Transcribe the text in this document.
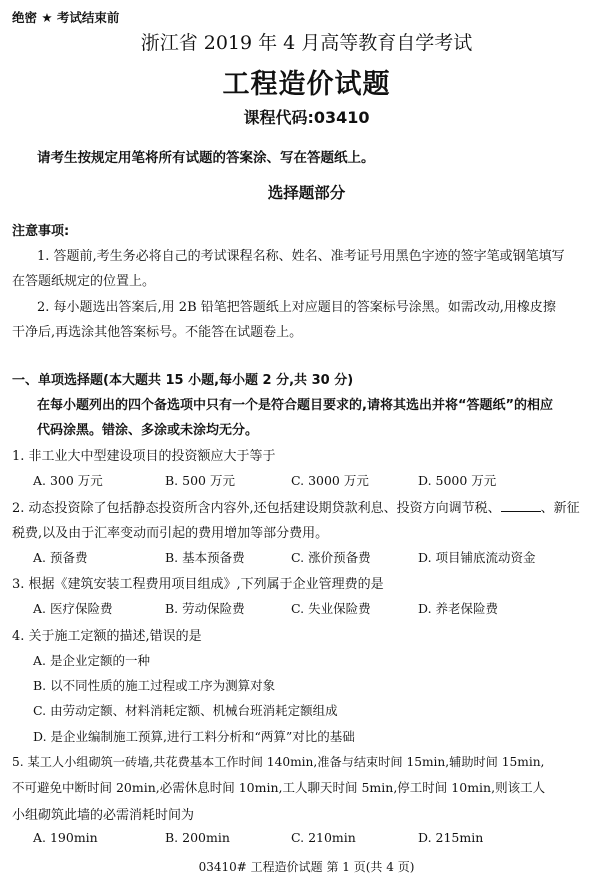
绝密 ★ 考试结束前
浙江省 2019 年 4 月高等教育自学考试
工程造价试题
课程代码:03410
请考生按规定用笔将所有试题的答案涂、写在答题纸上。
选择题部分
注意事项:
1. 答题前,考生务必将自己的考试课程名称、姓名、准考证号用黑色字迹的签字笔或钢笔填写
在答题纸规定的位置上。
2. 每小题选出答案后,用 2B 铅笔把答题纸上对应题目的答案标号涂黑。如需改动,用橡皮擦
干净后,再选涂其他答案标号。不能答在试题卷上。
一、单项选择题(本大题共 15 小题,每小题 2 分,共 30 分)
在每小题列出的四个备选项中只有一个是符合题目要求的,请将其选出并将“答题纸”的相应
代码涂黑。错涂、多涂或未涂均无分。
1. 非工业大中型建设项目的投资额应大于等于
A. 300 万元	B. 500 万元	C. 3000 万元	D. 5000 万元
2. 动态投资除了包括静态投资所含内容外,还包括建设期贷款利息、投资方向调节税、	、新征
税费,以及由于汇率变动而引起的费用增加等部分费用。
A. 预备费	B. 基本预备费	C. 涨价预备费	D. 项目铺底流动资金
3. 根据《建筑安装工程费用项目组成》,下列属于企业管理费的是
A. 医疗保险费	B. 劳动保险费	C. 失业保险费	D. 养老保险费
4. 关于施工定额的描述,错误的是
A. 是企业定额的一种
B. 以不同性质的施工过程或工序为测算对象
C. 由劳动定额、材料消耗定额、机械台班消耗定额组成
D. 是企业编制施工预算,进行工料分析和“两算”对比的基础
5. 某工人小组砌筑一砖墙,共花费基本工作时间 140min,准备与结束时间 15min,辅助时间 15min,
不可避免中断时间 20min,必需休息时间 10min,工人聊天时间 5min,停工时间 10min,则该工人
小组砌筑此墙的必需消耗时间为
A. 190min	B. 200min	C. 210min	D. 215min
03410# 工程造价试题 第 1 页(共 4 页)
